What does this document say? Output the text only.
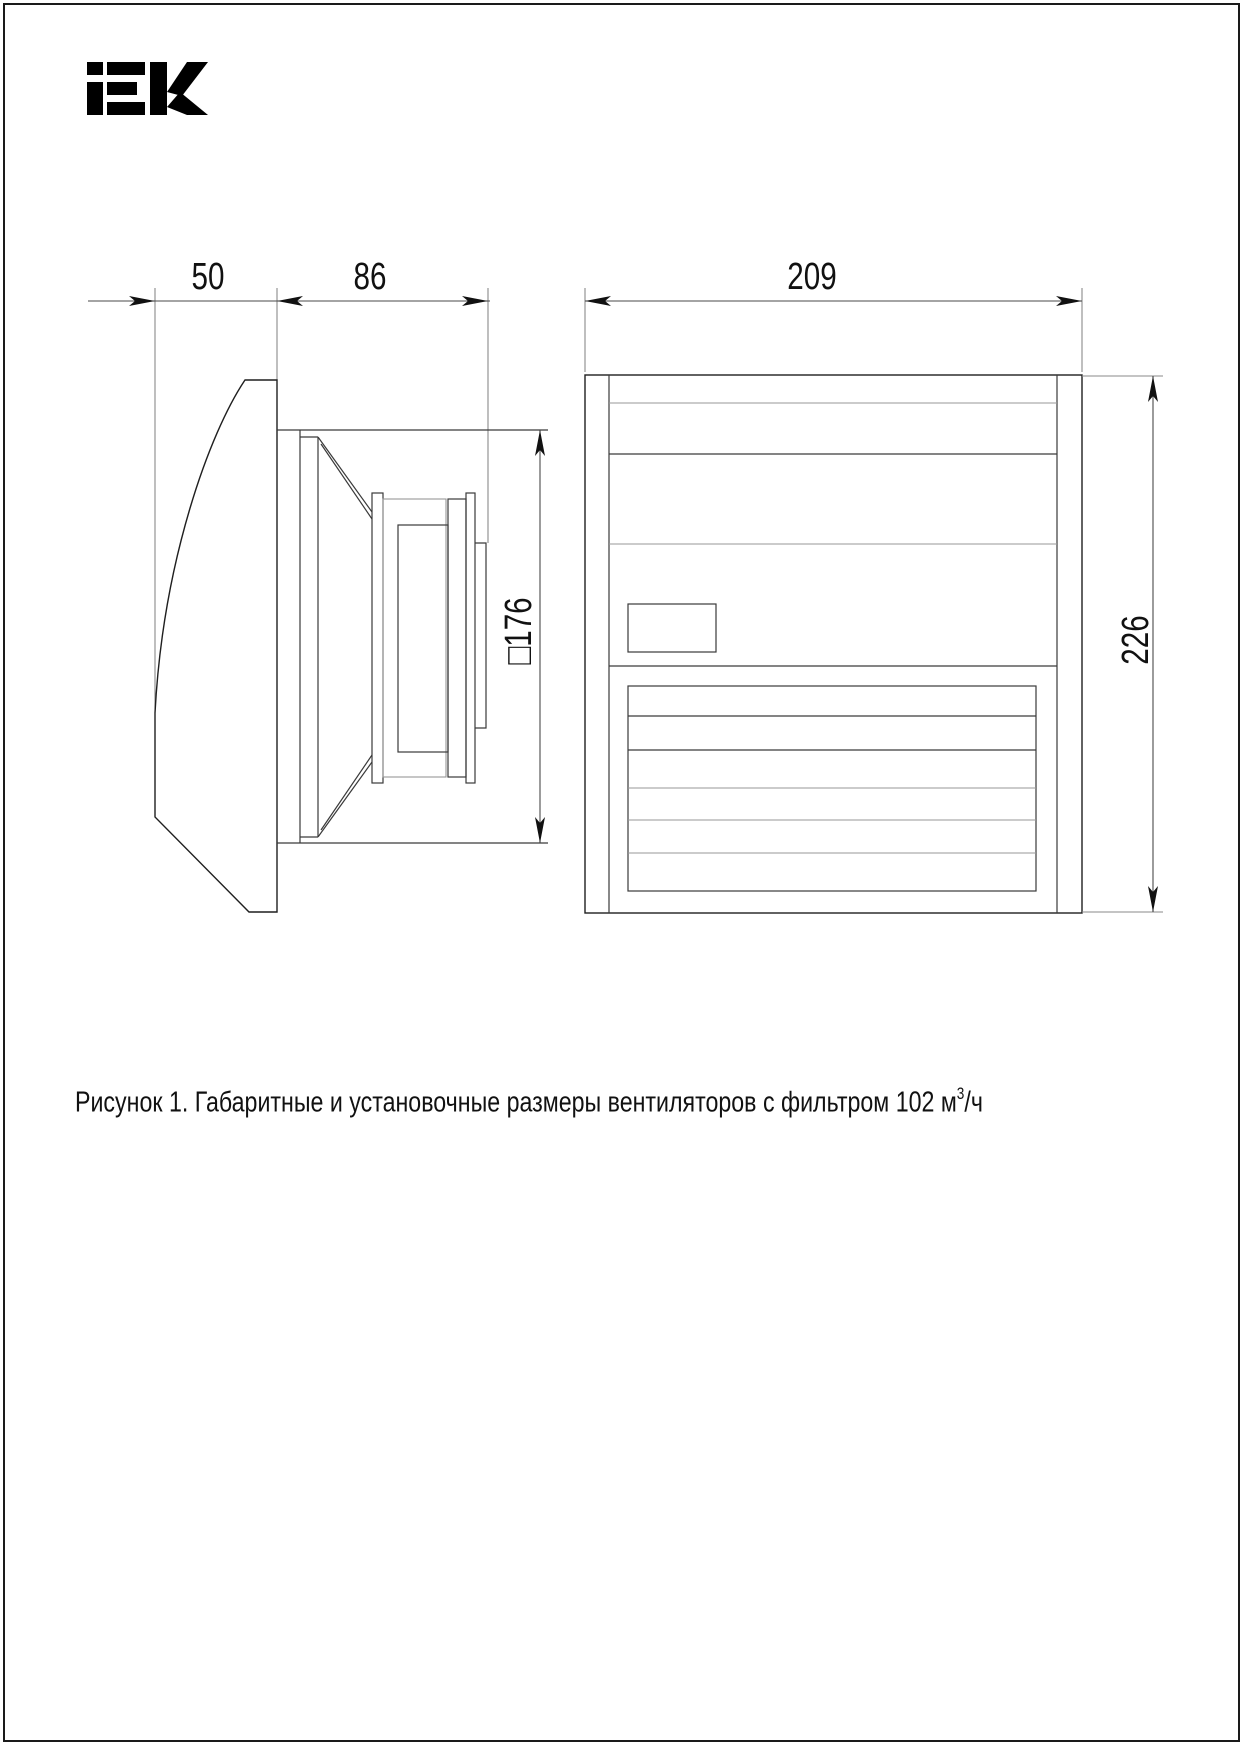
50	86
□176
209
226
Рисунок 1. Габаритные и установочные размеры вентиляторов с фильтром 102 $м^3/ч$
